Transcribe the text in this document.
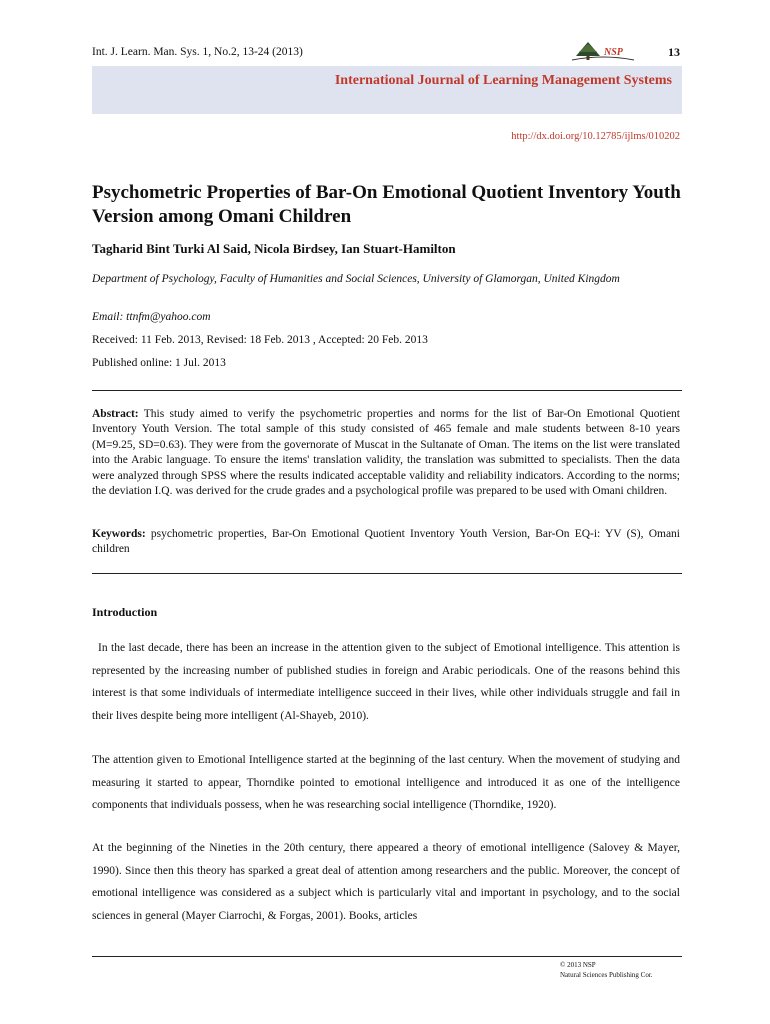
Int. J. Learn. Man. Sys. 1, No.2, 13-24 (2013)	NSP	13
International Journal of Learning Management Systems
http://dx.doi.org/10.12785/ijlms/010202
Psychometric Properties of Bar-On Emotional Quotient Inventory Youth Version among Omani Children
Tagharid Bint Turki Al Said, Nicola Birdsey, Ian Stuart-Hamilton
Department of Psychology, Faculty of Humanities and Social Sciences, University of Glamorgan, United Kingdom
Email: ttnfm@yahoo.com
Received: 11 Feb. 2013, Revised: 18 Feb. 2013 , Accepted: 20 Feb. 2013
Published online: 1 Jul. 2013

Abstract: This study aimed to verify the psychometric properties and norms for the list of Bar-On Emotional Quotient Inventory Youth Version. The total sample of this study consisted of 465 female and male students between 8-10 years (M=9.25, SD=0.63). They were from the governorate of Muscat in the Sultanate of Oman. The items on the list were translated into the Arabic language. To ensure the items' translation validity, the translation was submitted to specialists. Then the data were analyzed through SPSS where the results indicated acceptable validity and reliability indicators. According to the norms; the deviation I.Q. was derived for the crude grades and a psychological profile was prepared to be used with Omani children.

Keywords: psychometric properties, Bar-On Emotional Quotient Inventory Youth Version, Bar-On EQ-i: YV (S), Omani children

Introduction

In the last decade, there has been an increase in the attention given to the subject of Emotional intelligence. This attention is represented by the increasing number of published studies in foreign and Arabic periodicals. One of the reasons behind this interest is that some individuals of intermediate intelligence succeed in their lives, while other individuals struggle and fail in their lives despite being more intelligent (Al-Shayeb, 2010).

The attention given to Emotional Intelligence started at the beginning of the last century. When the movement of studying and measuring it started to appear, Thorndike pointed to emotional intelligence and introduced it as one of the intelligence components that individuals possess, when he was researching social intelligence (Thorndike, 1920).

At the beginning of the Nineties in the 20th century, there appeared a theory of emotional intelligence (Salovey & Mayer, 1990). Since then this theory has sparked a great deal of attention among researchers and the public. Moreover, the concept of emotional intelligence was considered as a subject which is particularly vital and important in psychology, and to the social sciences in general (Mayer Ciarrochi, & Forgas, 2001). Books, articles

© 2013 NSP
Natural Sciences Publishing Cor.
